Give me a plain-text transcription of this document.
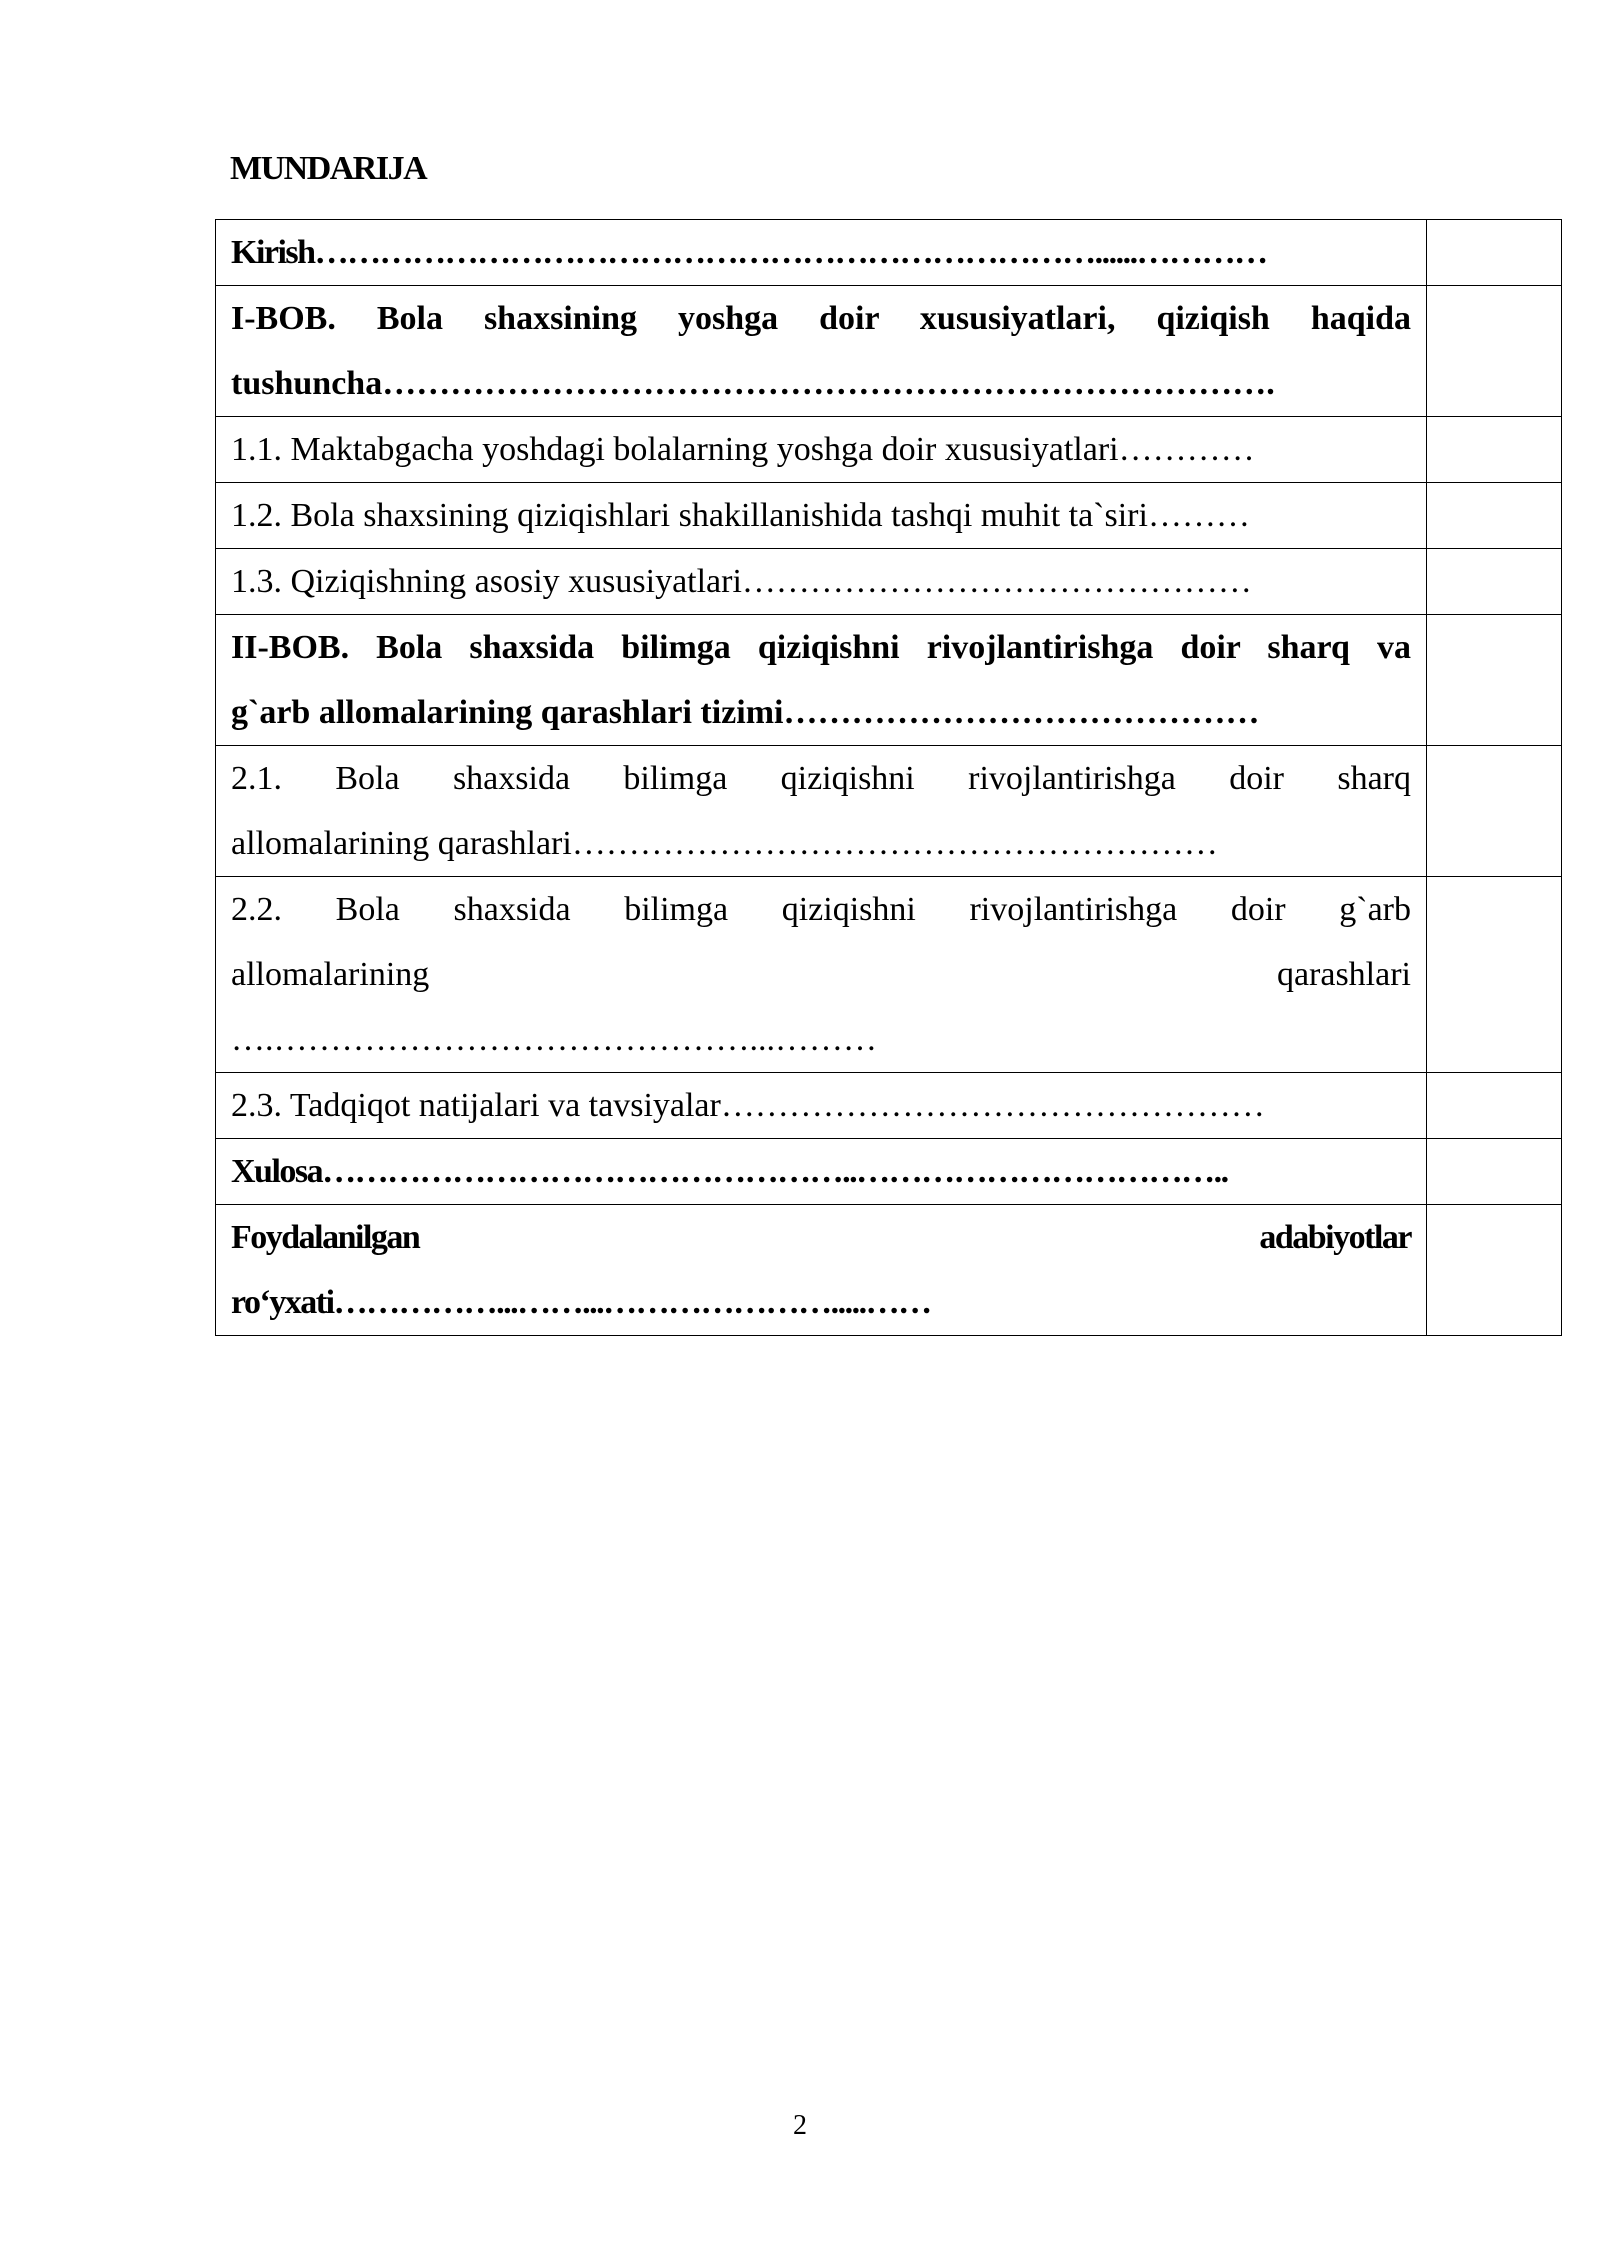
MUNDARIJA
Kirish………………………………………………………………......…………	

I-BOB. Bola shaxsining yoshga doir xususiyatlari, qiziqish haqida
tushuncha…………………………………………………………………….	

1.1. Maktabgacha yoshdagi bolalarning yoshga doir xususiyatlari…………	

1.2. Bola shaxsining qiziqishlari shakillanishida tashqi muhit ta`siri………	

1.3. Qiziqishning asosiy xususiyatlari………………………………………	

II-BOB. Bola shaxsida bilimga qiziqishni rivojlantirishga doir sharq va
g`arb allomalarining qarashlari tizimi……………………………………	

2.1. Bola shaxsida bilimga qiziqishni rivojlantirishga doir sharq
allomalarining qarashlari…………………………………………………	

2.2. Bola shaxsida bilimga qiziqishni rivojlantirishga doir g`arb
allomalarining qarashlari
….……………………………………...………	

2.3. Tadqiqot natijalari va tavsiyalar…………………………………………	

Xulosa…………………………………………..……………………………..	

Foydalanilgan adabiyotlar
ro‘yxati……………...……...………………….....……	

2
